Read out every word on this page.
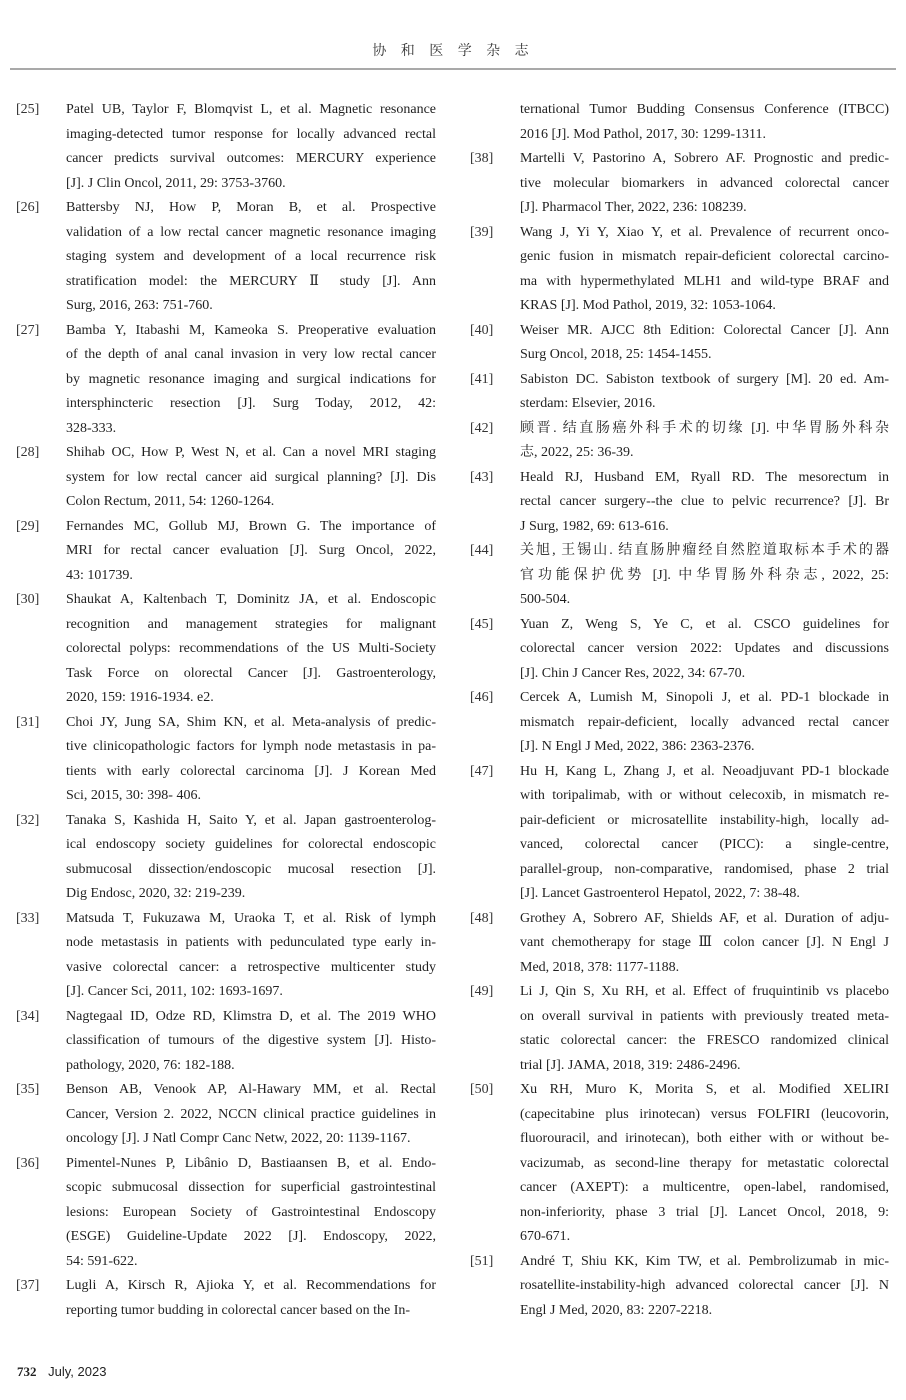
协 和 医 学 杂 志
[25] Patel UB, Taylor F, Blomqvist L, et al. Magnetic resonance
imaging-detected tumor response for locally advanced rectal
cancer predicts survival outcomes: MERCURY experience
[J]. J Clin Oncol, 2011, 29: 3753-3760.
[26] Battersby NJ, How P, Moran B, et al. Prospective
validation of a low rectal cancer magnetic resonance imaging
staging system and development of a local recurrence risk
stratification model: the MERCURY Ⅱ study [J]. Ann
Surg, 2016, 263: 751-760.
[27] Bamba Y, Itabashi M, Kameoka S. Preoperative evaluation
of the depth of anal canal invasion in very low rectal cancer
by magnetic resonance imaging and surgical indications for
intersphincteric resection [J]. Surg Today, 2012, 42:
328-333.
[28] Shihab OC, How P, West N, et al. Can a novel MRI staging
system for low rectal cancer aid surgical planning? [J]. Dis
Colon Rectum, 2011, 54: 1260-1264.
[29] Fernandes MC, Gollub MJ, Brown G. The importance of
MRI for rectal cancer evaluation [J]. Surg Oncol, 2022,
43: 101739.
[30] Shaukat A, Kaltenbach T, Dominitz JA, et al. Endoscopic
recognition and management strategies for malignant
colorectal polyps: recommendations of the US Multi-Society
Task Force on olorectal Cancer [J]. Gastroenterology,
2020, 159: 1916-1934. e2.
[31] Choi JY, Jung SA, Shim KN, et al. Meta-analysis of predic-
tive clinicopathologic factors for lymph node metastasis in pa-
tients with early colorectal carcinoma [J]. J Korean Med
Sci, 2015, 30: 398- 406.
[32] Tanaka S, Kashida H, Saito Y, et al. Japan gastroenterolog-
ical endoscopy society guidelines for colorectal endoscopic
submucosal dissection/endoscopic mucosal resection [J].
Dig Endosc, 2020, 32: 219-239.
[33] Matsuda T, Fukuzawa M, Uraoka T, et al. Risk of lymph
node metastasis in patients with pedunculated type early in-
vasive colorectal cancer: a retrospective multicenter study
[J]. Cancer Sci, 2011, 102: 1693-1697.
[34] Nagtegaal ID, Odze RD, Klimstra D, et al. The 2019 WHO
classification of tumours of the digestive system [J]. Histo-
pathology, 2020, 76: 182-188.
[35] Benson AB, Venook AP, Al-Hawary MM, et al. Rectal
Cancer, Version 2. 2022, NCCN clinical practice guidelines in
oncology [J]. J Natl Compr Canc Netw, 2022, 20: 1139-1167.
[36] Pimentel-Nunes P, Libânio D, Bastiaansen B, et al. Endo-
scopic submucosal dissection for superficial gastrointestinal
lesions: European Society of Gastrointestinal Endoscopy
(ESGE) Guideline-Update 2022 [J]. Endoscopy, 2022,
54: 591-622.
[37] Lugli A, Kirsch R, Ajioka Y, et al. Recommendations for
reporting tumor budding in colorectal cancer based on the In-
ternational Tumor Budding Consensus Conference (ITBCC)
2016 [J]. Mod Pathol, 2017, 30: 1299-1311.
[38] Martelli V, Pastorino A, Sobrero AF. Prognostic and predic-
tive molecular biomarkers in advanced colorectal cancer
[J]. Pharmacol Ther, 2022, 236: 108239.
[39] Wang J, Yi Y, Xiao Y, et al. Prevalence of recurrent onco-
genic fusion in mismatch repair-deficient colorectal carcino-
ma with hypermethylated MLH1 and wild-type BRAF and
KRAS [J]. Mod Pathol, 2019, 32: 1053-1064.
[40] Weiser MR. AJCC 8th Edition: Colorectal Cancer [J]. Ann
Surg Oncol, 2018, 25: 1454-1455.
[41] Sabiston DC. Sabiston textbook of surgery [M]. 20 ed. Am-
sterdam: Elsevier, 2016.
[42] 顾晋. 结直肠癌外科手术的切缘 [J]. 中华胃肠外科杂
志, 2022, 25: 36-39.
[43] Heald RJ, Husband EM, Ryall RD. The mesorectum in
rectal cancer surgery--the clue to pelvic recurrence? [J]. Br
J Surg, 1982, 69: 613-616.
[44] 关旭, 王锡山. 结直肠肿瘤经自然腔道取标本手术的器
官功能保护优势 [J]. 中华胃肠外科杂志, 2022, 25:
500-504.
[45] Yuan Z, Weng S, Ye C, et al. CSCO guidelines for
colorectal cancer version 2022: Updates and discussions
[J]. Chin J Cancer Res, 2022, 34: 67-70.
[46] Cercek A, Lumish M, Sinopoli J, et al. PD-1 blockade in
mismatch repair-deficient, locally advanced rectal cancer
[J]. N Engl J Med, 2022, 386: 2363-2376.
[47] Hu H, Kang L, Zhang J, et al. Neoadjuvant PD-1 blockade
with toripalimab, with or without celecoxib, in mismatch re-
pair-deficient or microsatellite instability-high, locally ad-
vanced, colorectal cancer (PICC): a single-centre,
parallel-group, non-comparative, randomised, phase 2 trial
[J]. Lancet Gastroenterol Hepatol, 2022, 7: 38-48.
[48] Grothey A, Sobrero AF, Shields AF, et al. Duration of adju-
vant chemotherapy for stage Ⅲ colon cancer [J]. N Engl J
Med, 2018, 378: 1177-1188.
[49] Li J, Qin S, Xu RH, et al. Effect of fruquintinib vs placebo
on overall survival in patients with previously treated meta-
static colorectal cancer: the FRESCO randomized clinical
trial [J]. JAMA, 2018, 319: 2486-2496.
[50] Xu RH, Muro K, Morita S, et al. Modified XELIRI
(capecitabine plus irinotecan) versus FOLFIRI (leucovorin,
fluorouracil, and irinotecan), both either with or without be-
vacizumab, as second-line therapy for metastatic colorectal
cancer (AXEPT): a multicentre, open-label, randomised,
non-inferiority, phase 3 trial [J]. Lancet Oncol, 2018, 9:
670-671.
[51] André T, Shiu KK, Kim TW, et al. Pembrolizumab in mic-
rosatellite-instability-high advanced colorectal cancer [J]. N
Engl J Med, 2020, 83: 2207-2218.
732 July, 2023
